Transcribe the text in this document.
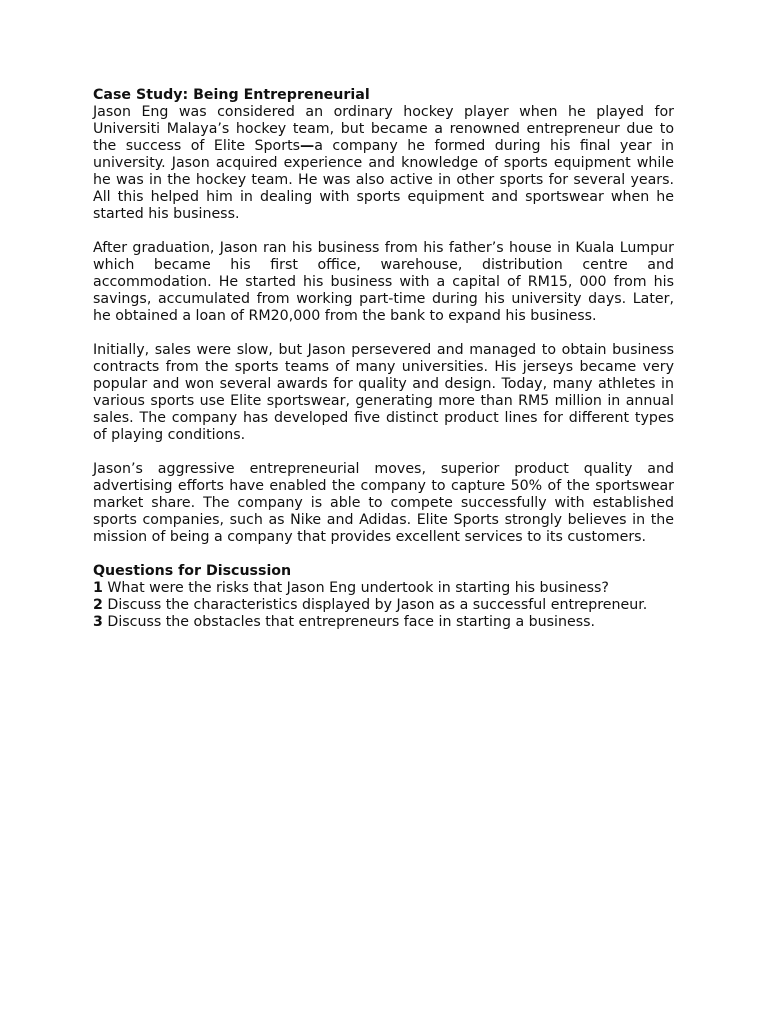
Case Study: Being Entrepreneurial

Jason Eng was considered an ordinary hockey player when he played for Universiti Malaya’s hockey team, but became a renowned entrepreneur due to the success of Elite Sports—a company he formed during his final year in university. Jason acquired experience and knowledge of sports equipment while he was in the hockey team. He was also active in other sports for several years. All this helped him in dealing with sports equipment and sportswear when he started his business.

After graduation, Jason ran his business from his father’s house in Kuala Lumpur which became his first office, warehouse, distribution centre and accommodation. He started his business with a capital of RM15, 000 from his savings, accumulated from working part-time during his university days. Later, he obtained a loan of RM20,000 from the bank to expand his business.

Initially, sales were slow, but Jason persevered and managed to obtain business contracts from the sports teams of many universities. His jerseys became very popular and won several awards for quality and design. Today, many athletes in various sports use Elite sportswear, generating more than RM5 million in annual sales. The company has developed five distinct product lines for different types of playing conditions.

Jason’s aggressive entrepreneurial moves, superior product quality and advertising efforts have enabled the company to capture 50% of the sportswear market share. The company is able to compete successfully with established sports companies, such as Nike and Adidas. Elite Sports strongly believes in the mission of being a company that provides excellent services to its customers.

Questions for Discussion

1 What were the risks that Jason Eng undertook in starting his business?

2 Discuss the characteristics displayed by Jason as a successful entrepreneur.

3 Discuss the obstacles that entrepreneurs face in starting a business.
